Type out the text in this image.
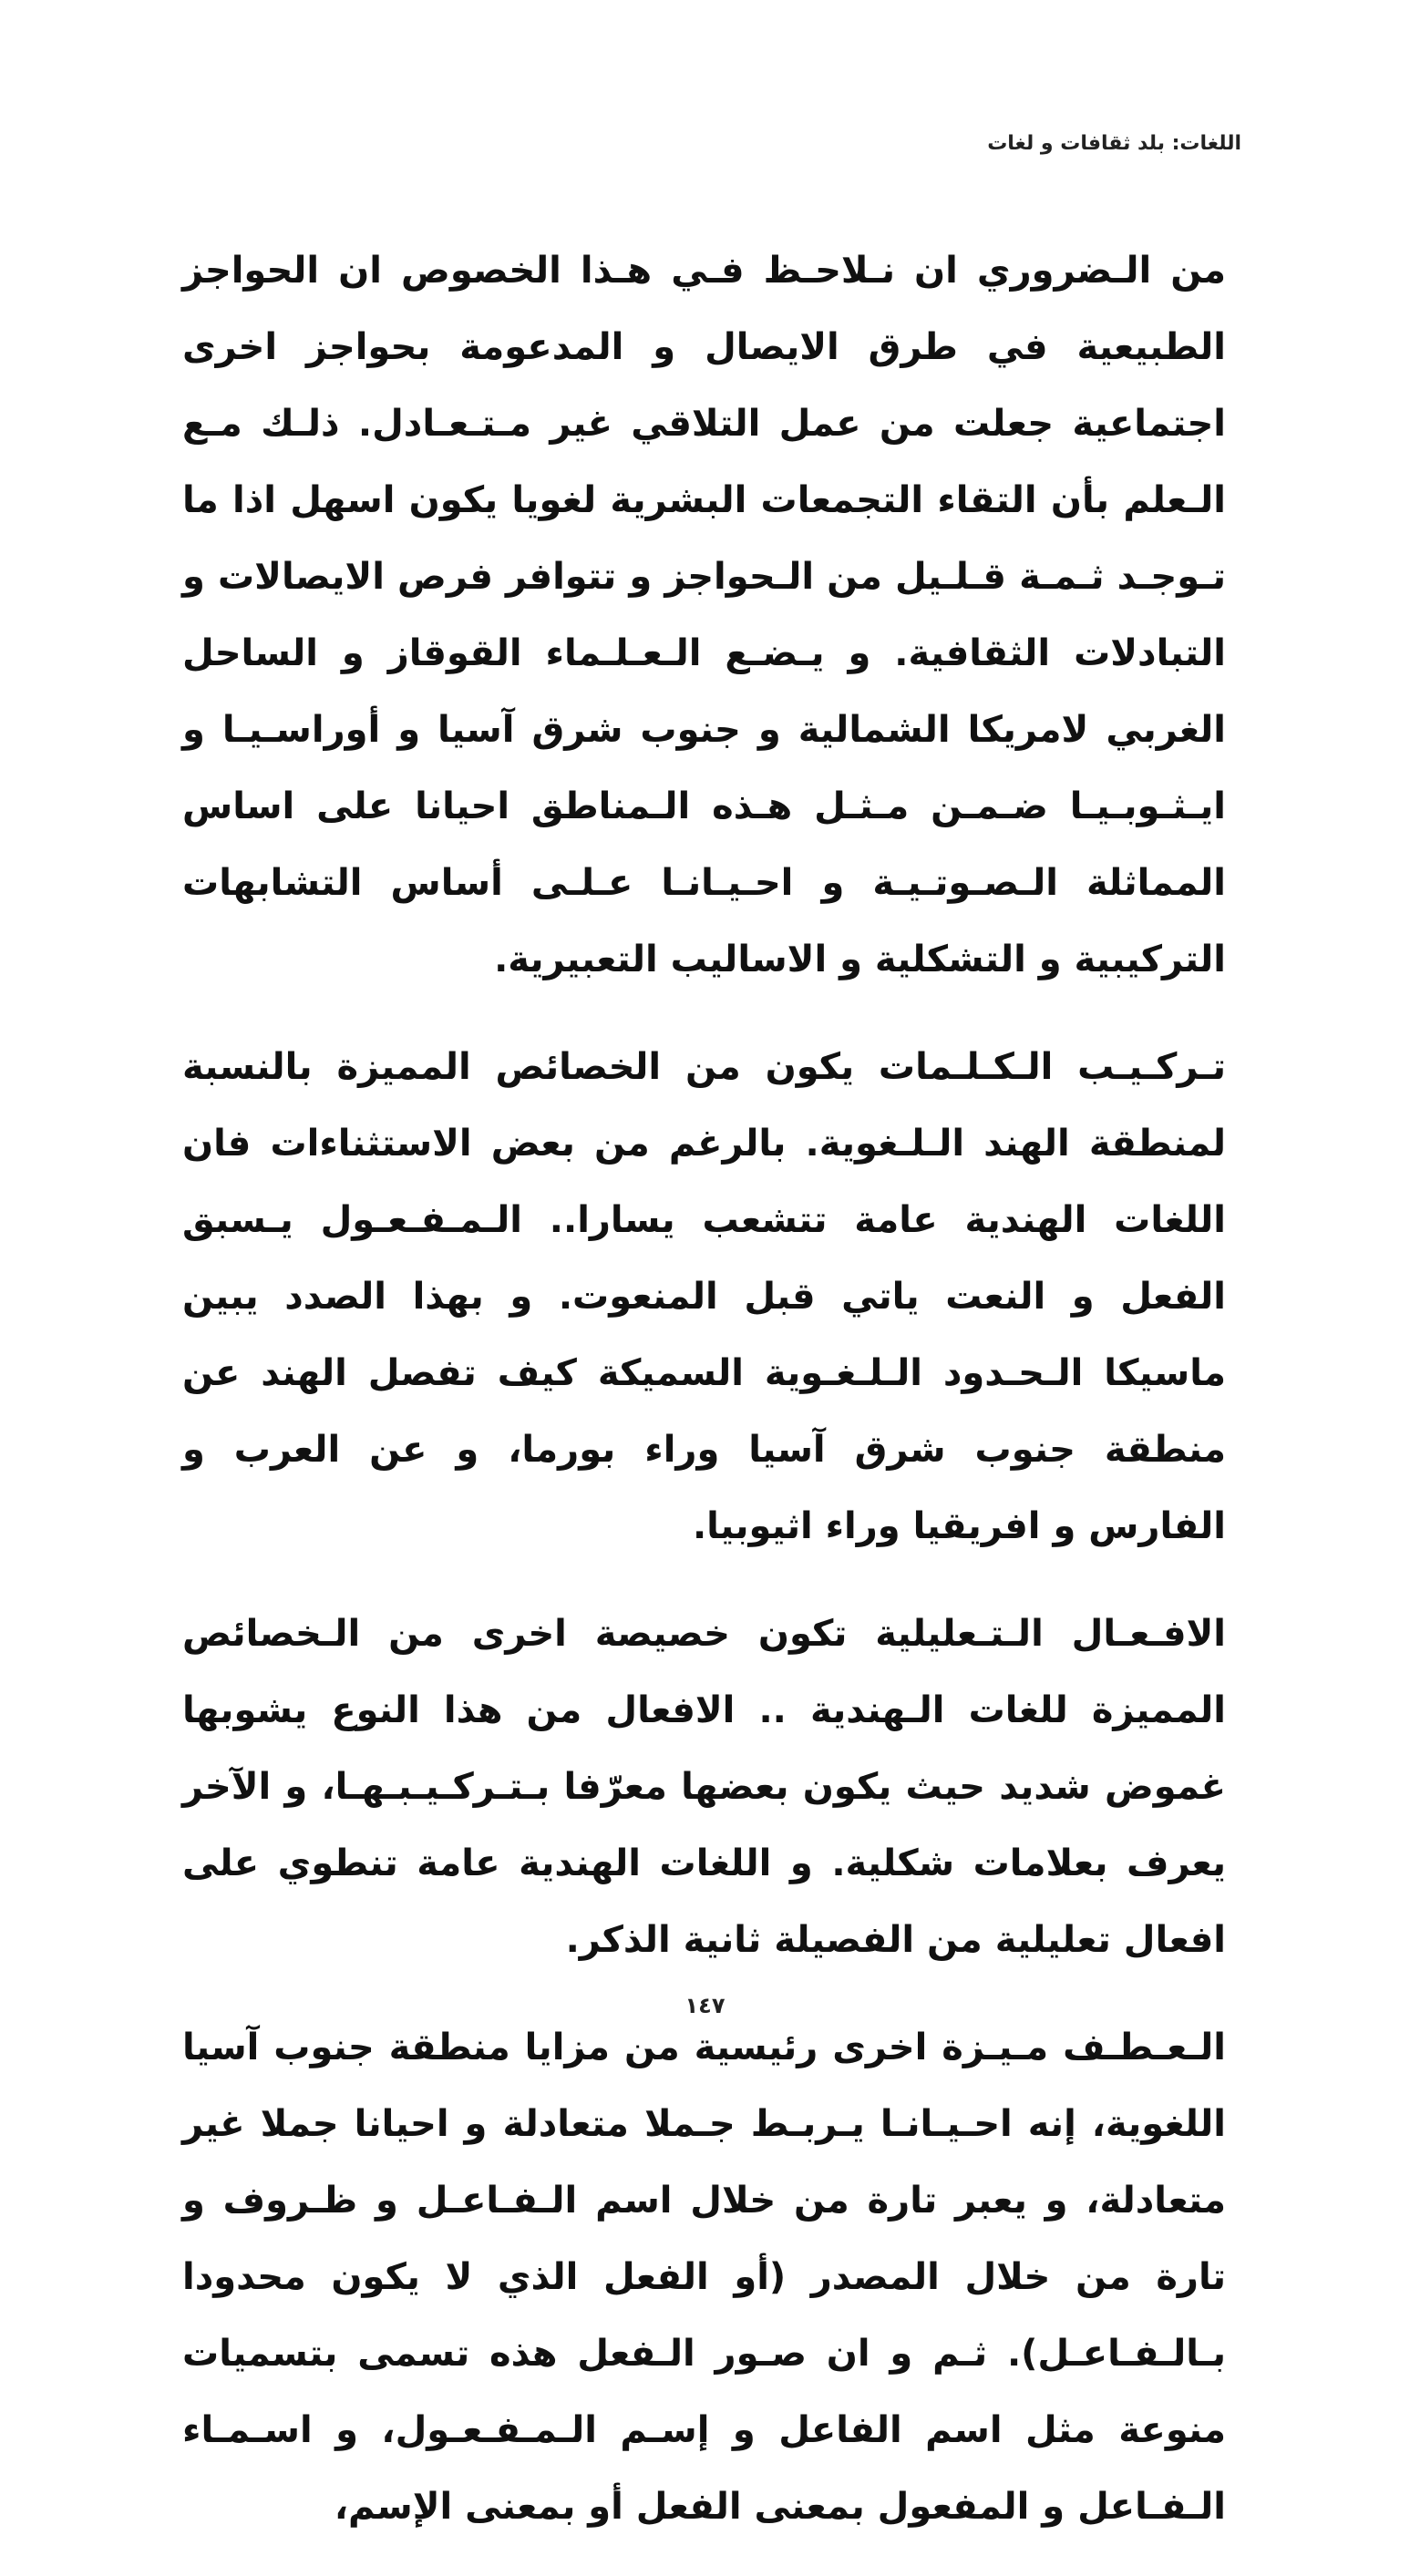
اللغات: بلد ثقافات و لغات

من الـضروري ان نـلاحـظ فـي هـذا الخصوص ان الحواجز الطبيعية في طرق الايصال و المدعومة بحواجز اخرى اجتماعية جعلت من عمل التلاقي غير مـتـعـادل. ذلـك مـع الـعلم بأن التقاء التجمعات البشرية لغويا يكون اسهل اذا ما تـوجـد ثـمـة قـلـيل من الـحواجز و تتوافر فرص الايصالات و التبادلات الثقافية. و يـضـع الـعـلـماء القوقاز و الساحل الغربي لامريكا الشمالية و جنوب شرق آسيا و أوراسـيـا و ايـثـوبـيـا ضـمـن مـثـل هـذه الـمناطق احيانا على اساس المماثلة الـصـوتـيـة و احـيـانـا عـلـى أساس التشابهات التركيبية و التشكلية و الاساليب التعبيرية.

تـركـيـب الـكـلـمات يكون من الخصائص المميزة بالنسبة لمنطقة الهند الـلـغوية. بالرغم من بعض الاستثناءات فان اللغات الهندية عامة تتشعب يسارا.. الـمـفـعـول يـسبق الفعل و النعت ياتي قبل المنعوت. و بهذا الصدد يبين ماسيكا الـحـدود الـلـغـوية السميكة كيف تفصل الهند عن منطقة جنوب شرق آسيا وراء بورما، و عن العرب و الفارس و افريقيا وراء اثيوبيا.

الافـعـال الـتـعليلية تكون خصيصة اخرى من الـخصائص المميزة للغات الـهندية .. الافعال من هذا النوع يشوبها غموض شديد حيث يكون بعضها معرّفا بـتـركـيـبـهـا، و الآخر يعرف بعلامات شكلية. و اللغات الهندية عامة تنطوي على افعال تعليلية من الفصيلة ثانية الذكر.

الـعـطـف مـيـزة اخرى رئيسية من مزايا منطقة جنوب آسيا اللغوية، إنه احـيـانـا يـربـط جـملا متعادلة و احيانا جملا غير متعادلة، و يعبر تارة من خلال اسم الـفـاعـل و ظـروف و تارة من خلال المصدر (أو الفعل الذي لا يكون محدودا بـالـفـاعـل). ثـم و ان صـور الـفعل هذه تسمى بتسميات منوعة مثل اسم الفاعل و إسـم الـمـفـعـول، و اسـمـاء الـفـاعل و المفعول بمعنى الفعل أو بمعنى الإسم،

١٤٧
